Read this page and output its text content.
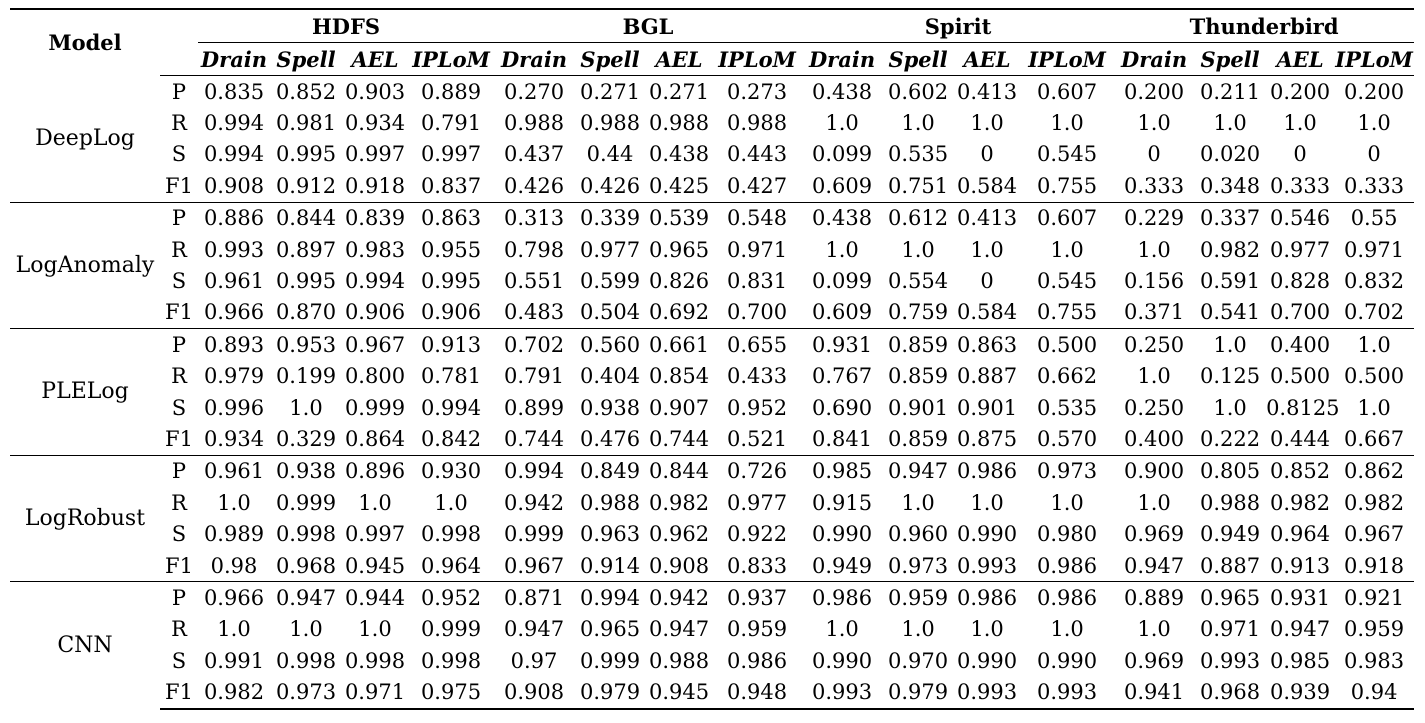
Model		HDFS				BGL				Spirit				Thunderbird			
		Drain	Spell	AEL	IPLoM	Drain	Spell	AEL	IPLoM	Drain	Spell	AEL	IPLoM	Drain	Spell	AEL	IPLoM
DeepLog	P	0.835	0.852	0.903	0.889	0.270	0.271	0.271	0.273	0.438	0.602	0.413	0.607	0.200	0.211	0.200	0.200
	R	0.994	0.981	0.934	0.791	0.988	0.988	0.988	0.988	1.0	1.0	1.0	1.0	1.0	1.0	1.0	1.0
	S	0.994	0.995	0.997	0.997	0.437	0.44	0.438	0.443	0.099	0.535	0	0.545	0	0.020	0	0
	F1	0.908	0.912	0.918	0.837	0.426	0.426	0.425	0.427	0.609	0.751	0.584	0.755	0.333	0.348	0.333	0.333
LogAnomaly	P	0.886	0.844	0.839	0.863	0.313	0.339	0.539	0.548	0.438	0.612	0.413	0.607	0.229	0.337	0.546	0.55
	R	0.993	0.897	0.983	0.955	0.798	0.977	0.965	0.971	1.0	1.0	1.0	1.0	1.0	0.982	0.977	0.971
	S	0.961	0.995	0.994	0.995	0.551	0.599	0.826	0.831	0.099	0.554	0	0.545	0.156	0.591	0.828	0.832
	F1	0.966	0.870	0.906	0.906	0.483	0.504	0.692	0.700	0.609	0.759	0.584	0.755	0.371	0.541	0.700	0.702
PLELog	P	0.893	0.953	0.967	0.913	0.702	0.560	0.661	0.655	0.931	0.859	0.863	0.500	0.250	1.0	0.400	1.0
	R	0.979	0.199	0.800	0.781	0.791	0.404	0.854	0.433	0.767	0.859	0.887	0.662	1.0	0.125	0.500	0.500
	S	0.996	1.0	0.999	0.994	0.899	0.938	0.907	0.952	0.690	0.901	0.901	0.535	0.250	1.0	0.8125	1.0
	F1	0.934	0.329	0.864	0.842	0.744	0.476	0.744	0.521	0.841	0.859	0.875	0.570	0.400	0.222	0.444	0.667
LogRobust	P	0.961	0.938	0.896	0.930	0.994	0.849	0.844	0.726	0.985	0.947	0.986	0.973	0.900	0.805	0.852	0.862
	R	1.0	0.999	1.0	1.0	0.942	0.988	0.982	0.977	0.915	1.0	1.0	1.0	1.0	0.988	0.982	0.982
	S	0.989	0.998	0.997	0.998	0.999	0.963	0.962	0.922	0.990	0.960	0.990	0.980	0.969	0.949	0.964	0.967
	F1	0.98	0.968	0.945	0.964	0.967	0.914	0.908	0.833	0.949	0.973	0.993	0.986	0.947	0.887	0.913	0.918
CNN	P	0.966	0.947	0.944	0.952	0.871	0.994	0.942	0.937	0.986	0.959	0.986	0.986	0.889	0.965	0.931	0.921
	R	1.0	1.0	1.0	0.999	0.947	0.965	0.947	0.959	1.0	1.0	1.0	1.0	1.0	0.971	0.947	0.959
	S	0.991	0.998	0.998	0.998	0.97	0.999	0.988	0.986	0.990	0.970	0.990	0.990	0.969	0.993	0.985	0.983
	F1	0.982	0.973	0.971	0.975	0.908	0.979	0.945	0.948	0.993	0.979	0.993	0.993	0.941	0.968	0.939	0.94
